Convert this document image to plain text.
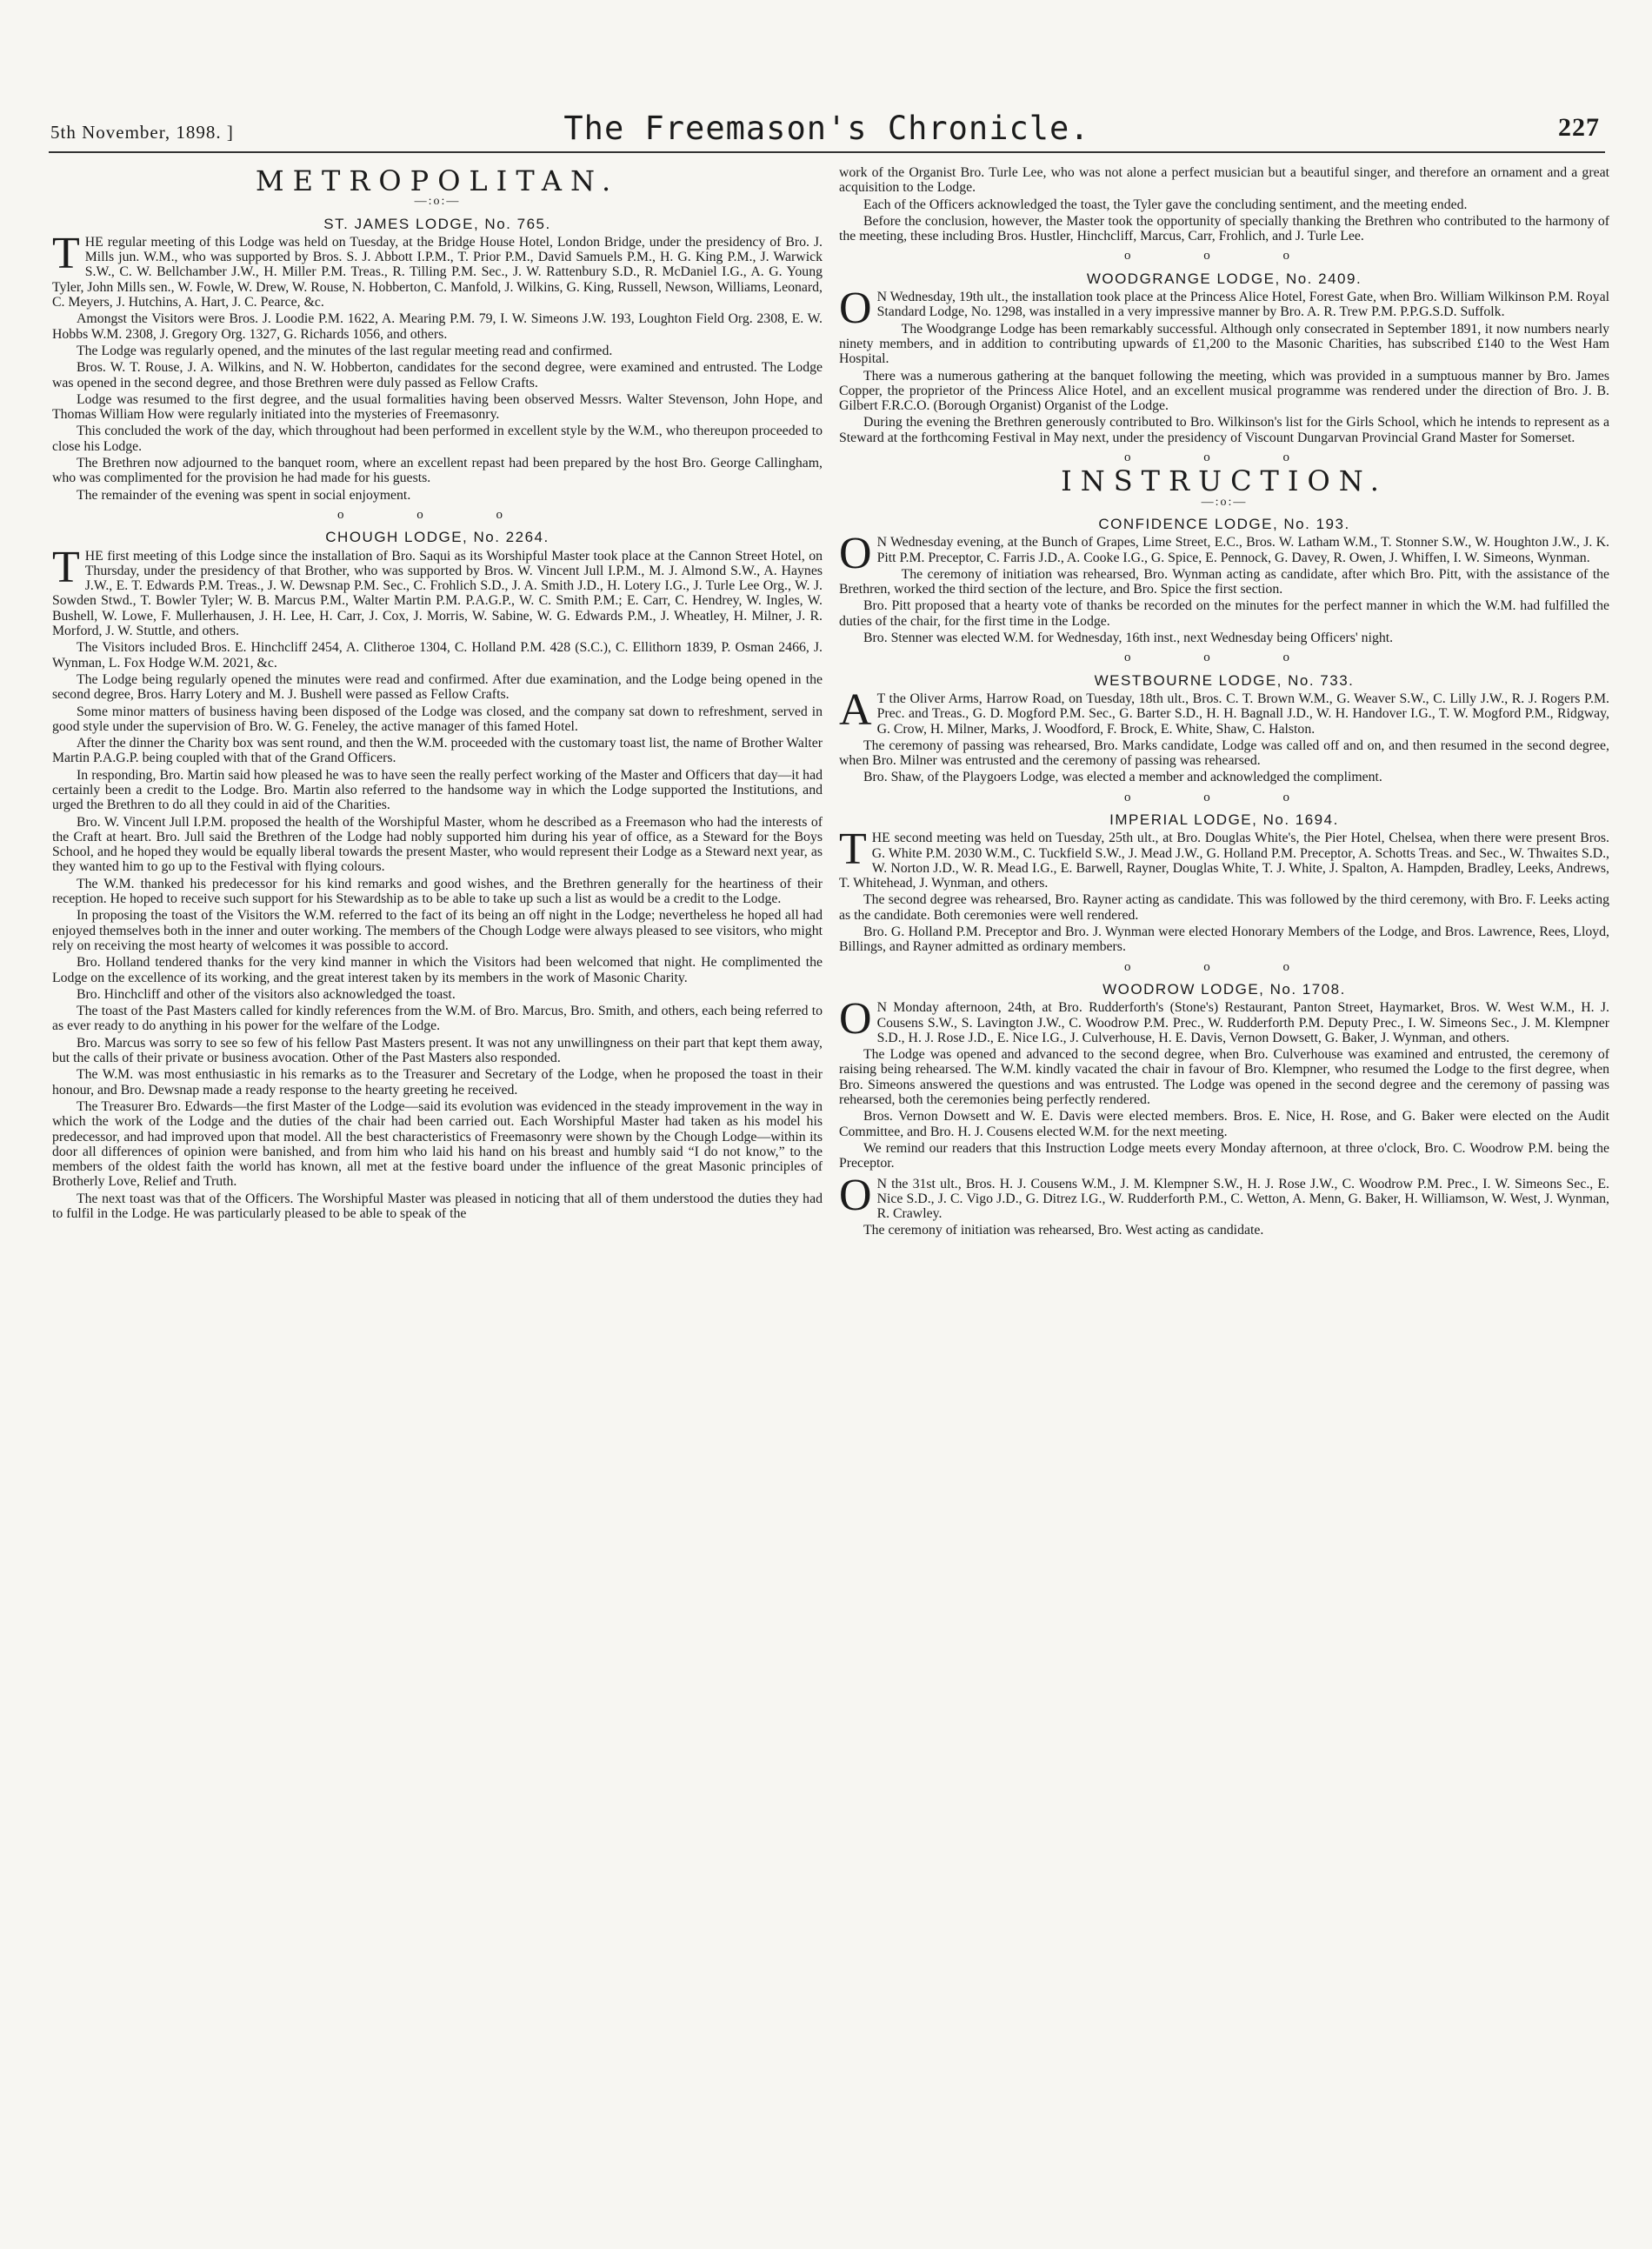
5th November, 1898. ]	The Freemason's Chronicle.	227
METROPOLITAN.
—:o:—
ST. JAMES LODGE, No. 765.

THE regular meeting of this Lodge was held on Tuesday, at the Bridge House Hotel, London Bridge, under the presidency of Bro. J. Mills jun. W.M., who was supported by Bros. S. J. Abbott I.P.M., T. Prior P.M., David Samuels P.M., H. G. King P.M., J. Warwick S.W., C. W. Bellchamber J.W., H. Miller P.M. Treas., R. Tilling P.M. Sec., J. W. Rattenbury S.D., R. McDaniel I.G., A. G. Young Tyler, John Mills sen., W. Fowle, W. Drew, W. Rouse, N. Hobberton, C. Manfold, J. Wilkins, G. King, Russell, Newson, Williams, Leonard, C. Meyers, J. Hutchins, A. Hart, J. C. Pearce, &c.

Amongst the Visitors were Bros. J. Loodie P.M. 1622, A. Mearing P.M. 79, I. W. Simeons J.W. 193, Loughton Field Org. 2308, E. W. Hobbs W.M. 2308, J. Gregory Org. 1327, G. Richards 1056, and others.

The Lodge was regularly opened, and the minutes of the last regular meeting read and confirmed.

Bros. W. T. Rouse, J. A. Wilkins, and N. W. Hobberton, candidates for the second degree, were examined and entrusted. The Lodge was opened in the second degree, and those Brethren were duly passed as Fellow Crafts.

Lodge was resumed to the first degree, and the usual formalities having been observed Messrs. Walter Stevenson, John Hope, and Thomas William How were regularly initiated into the mysteries of Freemasonry.

This concluded the work of the day, which throughout had been performed in excellent style by the W.M., who thereupon proceeded to close his Lodge.

The Brethren now adjourned to the banquet room, where an excellent repast had been prepared by the host Bro. George Callingham, who was complimented for the provision he had made for his guests.

The remainder of the evening was spent in social enjoyment.

o o o
CHOUGH LODGE, No. 2264.

THE first meeting of this Lodge since the installation of Bro. Saqui as its Worshipful Master took place at the Cannon Street Hotel, on Thursday, under the presidency of that Brother, who was supported by Bros. W. Vincent Jull I.P.M., M. J. Almond S.W., A. Haynes J.W., E. T. Edwards P.M. Treas., J. W. Dewsnap P.M. Sec., C. Frohlich S.D., J. A. Smith J.D., H. Lotery I.G., J. Turle Lee Org., W. J. Sowden Stwd., T. Bowler Tyler; W. B. Marcus P.M., Walter Martin P.M. P.A.G.P., W. C. Smith P.M.; E. Carr, C. Hendrey, W. Ingles, W. Bushell, W. Lowe, F. Mullerhausen, J. H. Lee, H. Carr, J. Cox, J. Morris, W. Sabine, W. G. Edwards P.M., J. Wheatley, H. Milner, J. R. Morford, J. W. Stuttle, and others.

The Visitors included Bros. E. Hinchcliff 2454, A. Clitheroe 1304, C. Holland P.M. 428 (S.C.), C. Ellithorn 1839, P. Osman 2466, J. Wynman, L. Fox Hodge W.M. 2021, &c.

The Lodge being regularly opened the minutes were read and confirmed. After due examination, and the Lodge being opened in the second degree, Bros. Harry Lotery and M. J. Bushell were passed as Fellow Crafts.

Some minor matters of business having been disposed of the Lodge was closed, and the company sat down to refreshment, served in good style under the supervision of Bro. W. G. Feneley, the active manager of this famed Hotel.

After the dinner the Charity box was sent round, and then the W.M. proceeded with the customary toast list, the name of Brother Walter Martin P.A.G.P. being coupled with that of the Grand Officers.

In responding, Bro. Martin said how pleased he was to have seen the really perfect working of the Master and Officers that day—it had certainly been a credit to the Lodge. Bro. Martin also referred to the handsome way in which the Lodge supported the Institutions, and urged the Brethren to do all they could in aid of the Charities.

Bro. W. Vincent Jull I.P.M. proposed the health of the Worshipful Master, whom he described as a Freemason who had the interests of the Craft at heart. Bro. Jull said the Brethren of the Lodge had nobly supported him during his year of office, as a Steward for the Boys School, and he hoped they would be equally liberal towards the present Master, who would represent their Lodge as a Steward next year, as they wanted him to go up to the Festival with flying colours.

The W.M. thanked his predecessor for his kind remarks and good wishes, and the Brethren generally for the heartiness of their reception. He hoped to receive such support for his Stewardship as to be able to take up such a list as would be a credit to the Lodge.

In proposing the toast of the Visitors the W.M. referred to the fact of its being an off night in the Lodge; nevertheless he hoped all had enjoyed themselves both in the inner and outer working. The members of the Chough Lodge were always pleased to see visitors, who might rely on receiving the most hearty of welcomes it was possible to accord.

Bro. Holland tendered thanks for the very kind manner in which the Visitors had been welcomed that night. He complimented the Lodge on the excellence of its working, and the great interest taken by its members in the work of Masonic Charity.

Bro. Hinchcliff and other of the visitors also acknowledged the toast.

The toast of the Past Masters called for kindly references from the W.M. of Bro. Marcus, Bro. Smith, and others, each being referred to as ever ready to do anything in his power for the welfare of the Lodge.

Bro. Marcus was sorry to see so few of his fellow Past Masters present. It was not any unwillingness on their part that kept them away, but the calls of their private or business avocation. Other of the Past Masters also responded.

The W.M. was most enthusiastic in his remarks as to the Treasurer and Secretary of the Lodge, when he proposed the toast in their honour, and Bro. Dewsnap made a ready response to the hearty greeting he received.

The Treasurer Bro. Edwards—the first Master of the Lodge—said its evolution was evidenced in the steady improvement in the way in which the work of the Lodge and the duties of the chair had been carried out. Each Worshipful Master had taken as his model his predecessor, and had improved upon that model. All the best characteristics of Freemasonry were shown by the Chough Lodge—within its door all differences of opinion were banished, and from him who laid his hand on his breast and humbly said “I do not know,” to the members of the oldest faith the world has known, all met at the festive board under the influence of the great Masonic principles of Brotherly Love, Relief and Truth.

The next toast was that of the Officers. The Worshipful Master was pleased in noticing that all of them understood the duties they had to fulfil in the Lodge. He was particularly pleased to be able to speak of the

work of the Organist Bro. Turle Lee, who was not alone a perfect musician but a beautiful singer, and therefore an ornament and a great acquisition to the Lodge.

Each of the Officers acknowledged the toast, the Tyler gave the concluding sentiment, and the meeting ended.

Before the conclusion, however, the Master took the opportunity of specially thanking the Brethren who contributed to the harmony of the meeting, these including Bros. Hustler, Hinchcliff, Marcus, Carr, Frohlich, and J. Turle Lee.

o o o
WOODGRANGE LODGE, No. 2409.

O N Wednesday, 19th ult., the installation took place at the Princess Alice Hotel, Forest Gate, when Bro. William Wilkinson P.M. Royal Standard Lodge, No. 1298, was installed in a very impressive manner by Bro. A. R. Trew P.M. P.P.G.S.D. Suffolk.

The Woodgrange Lodge has been remarkably successful. Although only consecrated in September 1891, it now numbers nearly ninety members, and in addition to contributing upwards of £1,200 to the Masonic Charities, has subscribed £140 to the West Ham Hospital.

There was a numerous gathering at the banquet following the meeting, which was provided in a sumptuous manner by Bro. James Copper, the proprietor of the Princess Alice Hotel, and an excellent musical programme was rendered under the direction of Bro. J. B. Gilbert F.R.C.O. (Borough Organist) Organist of the Lodge.

During the evening the Brethren generously contributed to Bro. Wilkinson's list for the Girls School, which he intends to represent as a Steward at the forthcoming Festival in May next, under the presidency of Viscount Dungarvan Provincial Grand Master for Somerset.

o o o
INSTRUCTION.
—:o:—
CONFIDENCE LODGE, No. 193.

O N Wednesday evening, at the Bunch of Grapes, Lime Street, E.C., Bros. W. Latham W.M., T. Stonner S.W., W. Houghton J.W., J. K. Pitt P.M. Preceptor, C. Farris J.D., A. Cooke I.G., G. Spice, E. Pennock, G. Davey, R. Owen, J. Whiffen, I. W. Simeons, Wynman.

The ceremony of initiation was rehearsed, Bro. Wynman acting as candidate, after which Bro. Pitt, with the assistance of the Brethren, worked the third section of the lecture, and Bro. Spice the first section.

Bro. Pitt proposed that a hearty vote of thanks be recorded on the minutes for the perfect manner in which the W.M. had fulfilled the duties of the chair, for the first time in the Lodge.

Bro. Stenner was elected W.M. for Wednesday, 16th inst., next Wednesday being Officers' night.

o o o
WESTBOURNE LODGE, No. 733.

A T the Oliver Arms, Harrow Road, on Tuesday, 18th ult., Bros. C. T. Brown W.M., G. Weaver S.W., C. Lilly J.W., R. J. Rogers P.M. Prec. and Treas., G. D. Mogford P.M. Sec., G. Barter S.D., H. H. Bagnall J.D., W. H. Handover I.G., T. W. Mogford P.M., Ridgway, G. Crow, H. Milner, Marks, J. Woodford, F. Brock, E. White, Shaw, C. Halston.

The ceremony of passing was rehearsed, Bro. Marks candidate, Lodge was called off and on, and then resumed in the second degree, when Bro. Milner was entrusted and the ceremony of passing was rehearsed.

Bro. Shaw, of the Playgoers Lodge, was elected a member and acknowledged the compliment.

o o o
IMPERIAL LODGE, No. 1694.

THE second meeting was held on Tuesday, 25th ult., at Bro. Douglas White's, the Pier Hotel, Chelsea, when there were present Bros. G. White P.M. 2030 W.M., C. Tuckfield S.W., J. Mead J.W., G. Holland P.M. Preceptor, A. Schotts Treas. and Sec., W. Thwaites S.D., W. Norton J.D., W. R. Mead I.G., E. Barwell, Rayner, Douglas White, T. J. White, J. Spalton, A. Hampden, Bradley, Leeks, Andrews, T. Whitehead, J. Wynman, and others.

The second degree was rehearsed, Bro. Rayner acting as candidate. This was followed by the third ceremony, with Bro. F. Leeks acting as the candidate. Both ceremonies were well rendered.

Bro. G. Holland P.M. Preceptor and Bro. J. Wynman were elected Honorary Members of the Lodge, and Bros. Lawrence, Rees, Lloyd, Billings, and Rayner admitted as ordinary members.

o o o
WOODROW LODGE, No. 1708.

O N Monday afternoon, 24th, at Bro. Rudderforth's (Stone's) Restaurant, Panton Street, Haymarket, Bros. W. West W.M., H. J. Cousens S.W., S. Lavington J.W., C. Woodrow P.M. Prec., W. Rudderforth P.M. Deputy Prec., I. W. Simeons Sec., J. M. Klempner S.D., H. J. Rose J.D., E. Nice I.G., J. Culverhouse, H. E. Davis, Vernon Dowsett, G. Baker, J. Wynman, and others.

The Lodge was opened and advanced to the second degree, when Bro. Culverhouse was examined and entrusted, the ceremony of raising being rehearsed. The W.M. kindly vacated the chair in favour of Bro. Klempner, who resumed the Lodge to the first degree, when Bro. Simeons answered the questions and was entrusted. The Lodge was opened in the second degree and the ceremony of passing was rehearsed, both the ceremonies being perfectly rendered.

Bros. Vernon Dowsett and W. E. Davis were elected members. Bros. E. Nice, H. Rose, and G. Baker were elected on the Audit Committee, and Bro. H. J. Cousens elected W.M. for the next meeting.

We remind our readers that this Instruction Lodge meets every Monday afternoon, at three o'clock, Bro. C. Woodrow P.M. being the Preceptor.

O N the 31st ult., Bros. H. J. Cousens W.M., J. M. Klempner S.W., H. J. Rose J.W., C. Woodrow P.M. Prec., I. W. Simeons Sec., E. Nice S.D., J. C. Vigo J.D., G. Ditrez I.G., W. Rudderforth P.M., C. Wetton, A. Menn, G. Baker, H. Williamson, W. West, J. Wynman, R. Crawley.

The ceremony of initiation was rehearsed, Bro. West acting as candidate.
